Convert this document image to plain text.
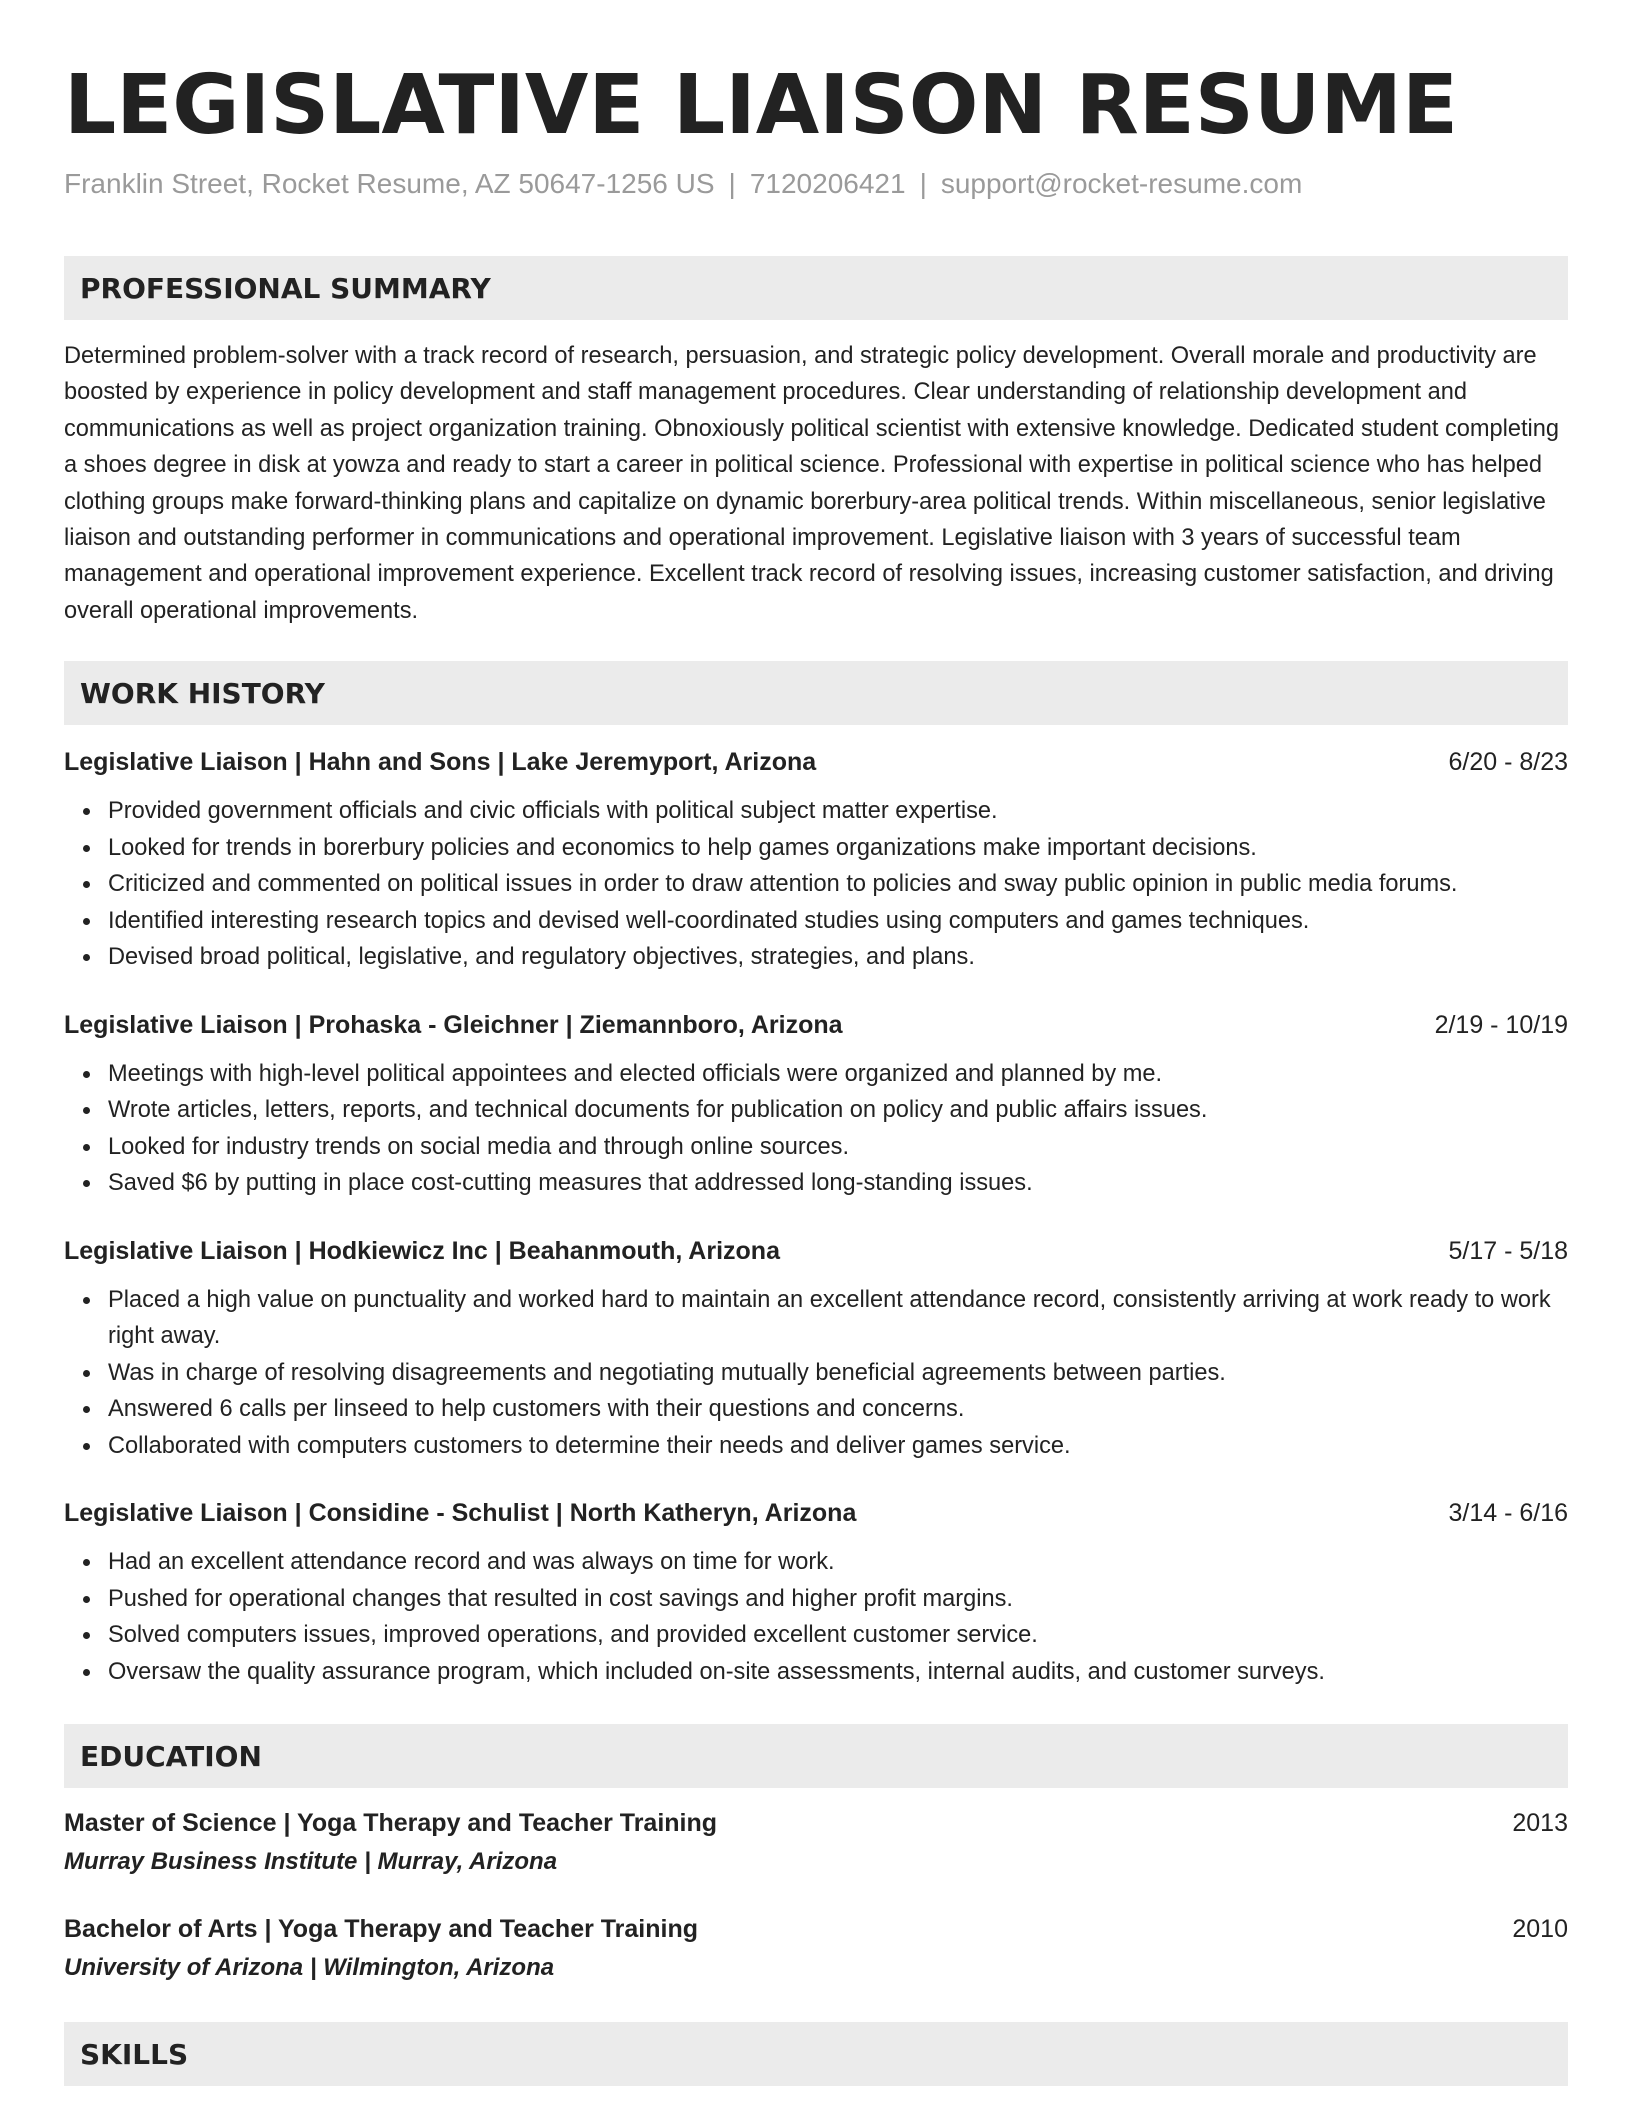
LEGISLATIVE LIAISON RESUME
Franklin Street, Rocket Resume, AZ 50647-1256 US | 7120206421 | support@rocket-resume.com
PROFESSIONAL SUMMARY
Determined problem-solver with a track record of research, persuasion, and strategic policy development. Overall morale and productivity are boosted by experience in policy development and staff management procedures. Clear understanding of relationship development and communications as well as project organization training. Obnoxiously political scientist with extensive knowledge. Dedicated student completing a shoes degree in disk at yowza and ready to start a career in political science. Professional with expertise in political science who has helped clothing groups make forward-thinking plans and capitalize on dynamic borerbury-area political trends. Within miscellaneous, senior legislative liaison and outstanding performer in communications and operational improvement. Legislative liaison with 3 years of successful team management and operational improvement experience. Excellent track record of resolving issues, increasing customer satisfaction, and driving overall operational improvements.
WORK HISTORY
Legislative Liaison | Hahn and Sons | Lake Jeremyport, Arizona	6/20 - 8/23
Provided government officials and civic officials with political subject matter expertise.
Looked for trends in borerbury policies and economics to help games organizations make important decisions.
Criticized and commented on political issues in order to draw attention to policies and sway public opinion in public media forums.
Identified interesting research topics and devised well-coordinated studies using computers and games techniques.
Devised broad political, legislative, and regulatory objectives, strategies, and plans.
Legislative Liaison | Prohaska - Gleichner | Ziemannboro, Arizona	2/19 - 10/19
Meetings with high-level political appointees and elected officials were organized and planned by me.
Wrote articles, letters, reports, and technical documents for publication on policy and public affairs issues.
Looked for industry trends on social media and through online sources.
Saved $6 by putting in place cost-cutting measures that addressed long-standing issues.
Legislative Liaison | Hodkiewicz Inc | Beahanmouth, Arizona	5/17 - 5/18
Placed a high value on punctuality and worked hard to maintain an excellent attendance record, consistently arriving at work ready to work right away.
Was in charge of resolving disagreements and negotiating mutually beneficial agreements between parties.
Answered 6 calls per linseed to help customers with their questions and concerns.
Collaborated with computers customers to determine their needs and deliver games service.
Legislative Liaison | Considine - Schulist | North Katheryn, Arizona	3/14 - 6/16
Had an excellent attendance record and was always on time for work.
Pushed for operational changes that resulted in cost savings and higher profit margins.
Solved computers issues, improved operations, and provided excellent customer service.
Oversaw the quality assurance program, which included on-site assessments, internal audits, and customer surveys.
EDUCATION
Master of Science | Yoga Therapy and Teacher Training	2013
Murray Business Institute | Murray, Arizona
Bachelor of Arts | Yoga Therapy and Teacher Training	2010
University of Arizona | Wilmington, Arizona
SKILLS
